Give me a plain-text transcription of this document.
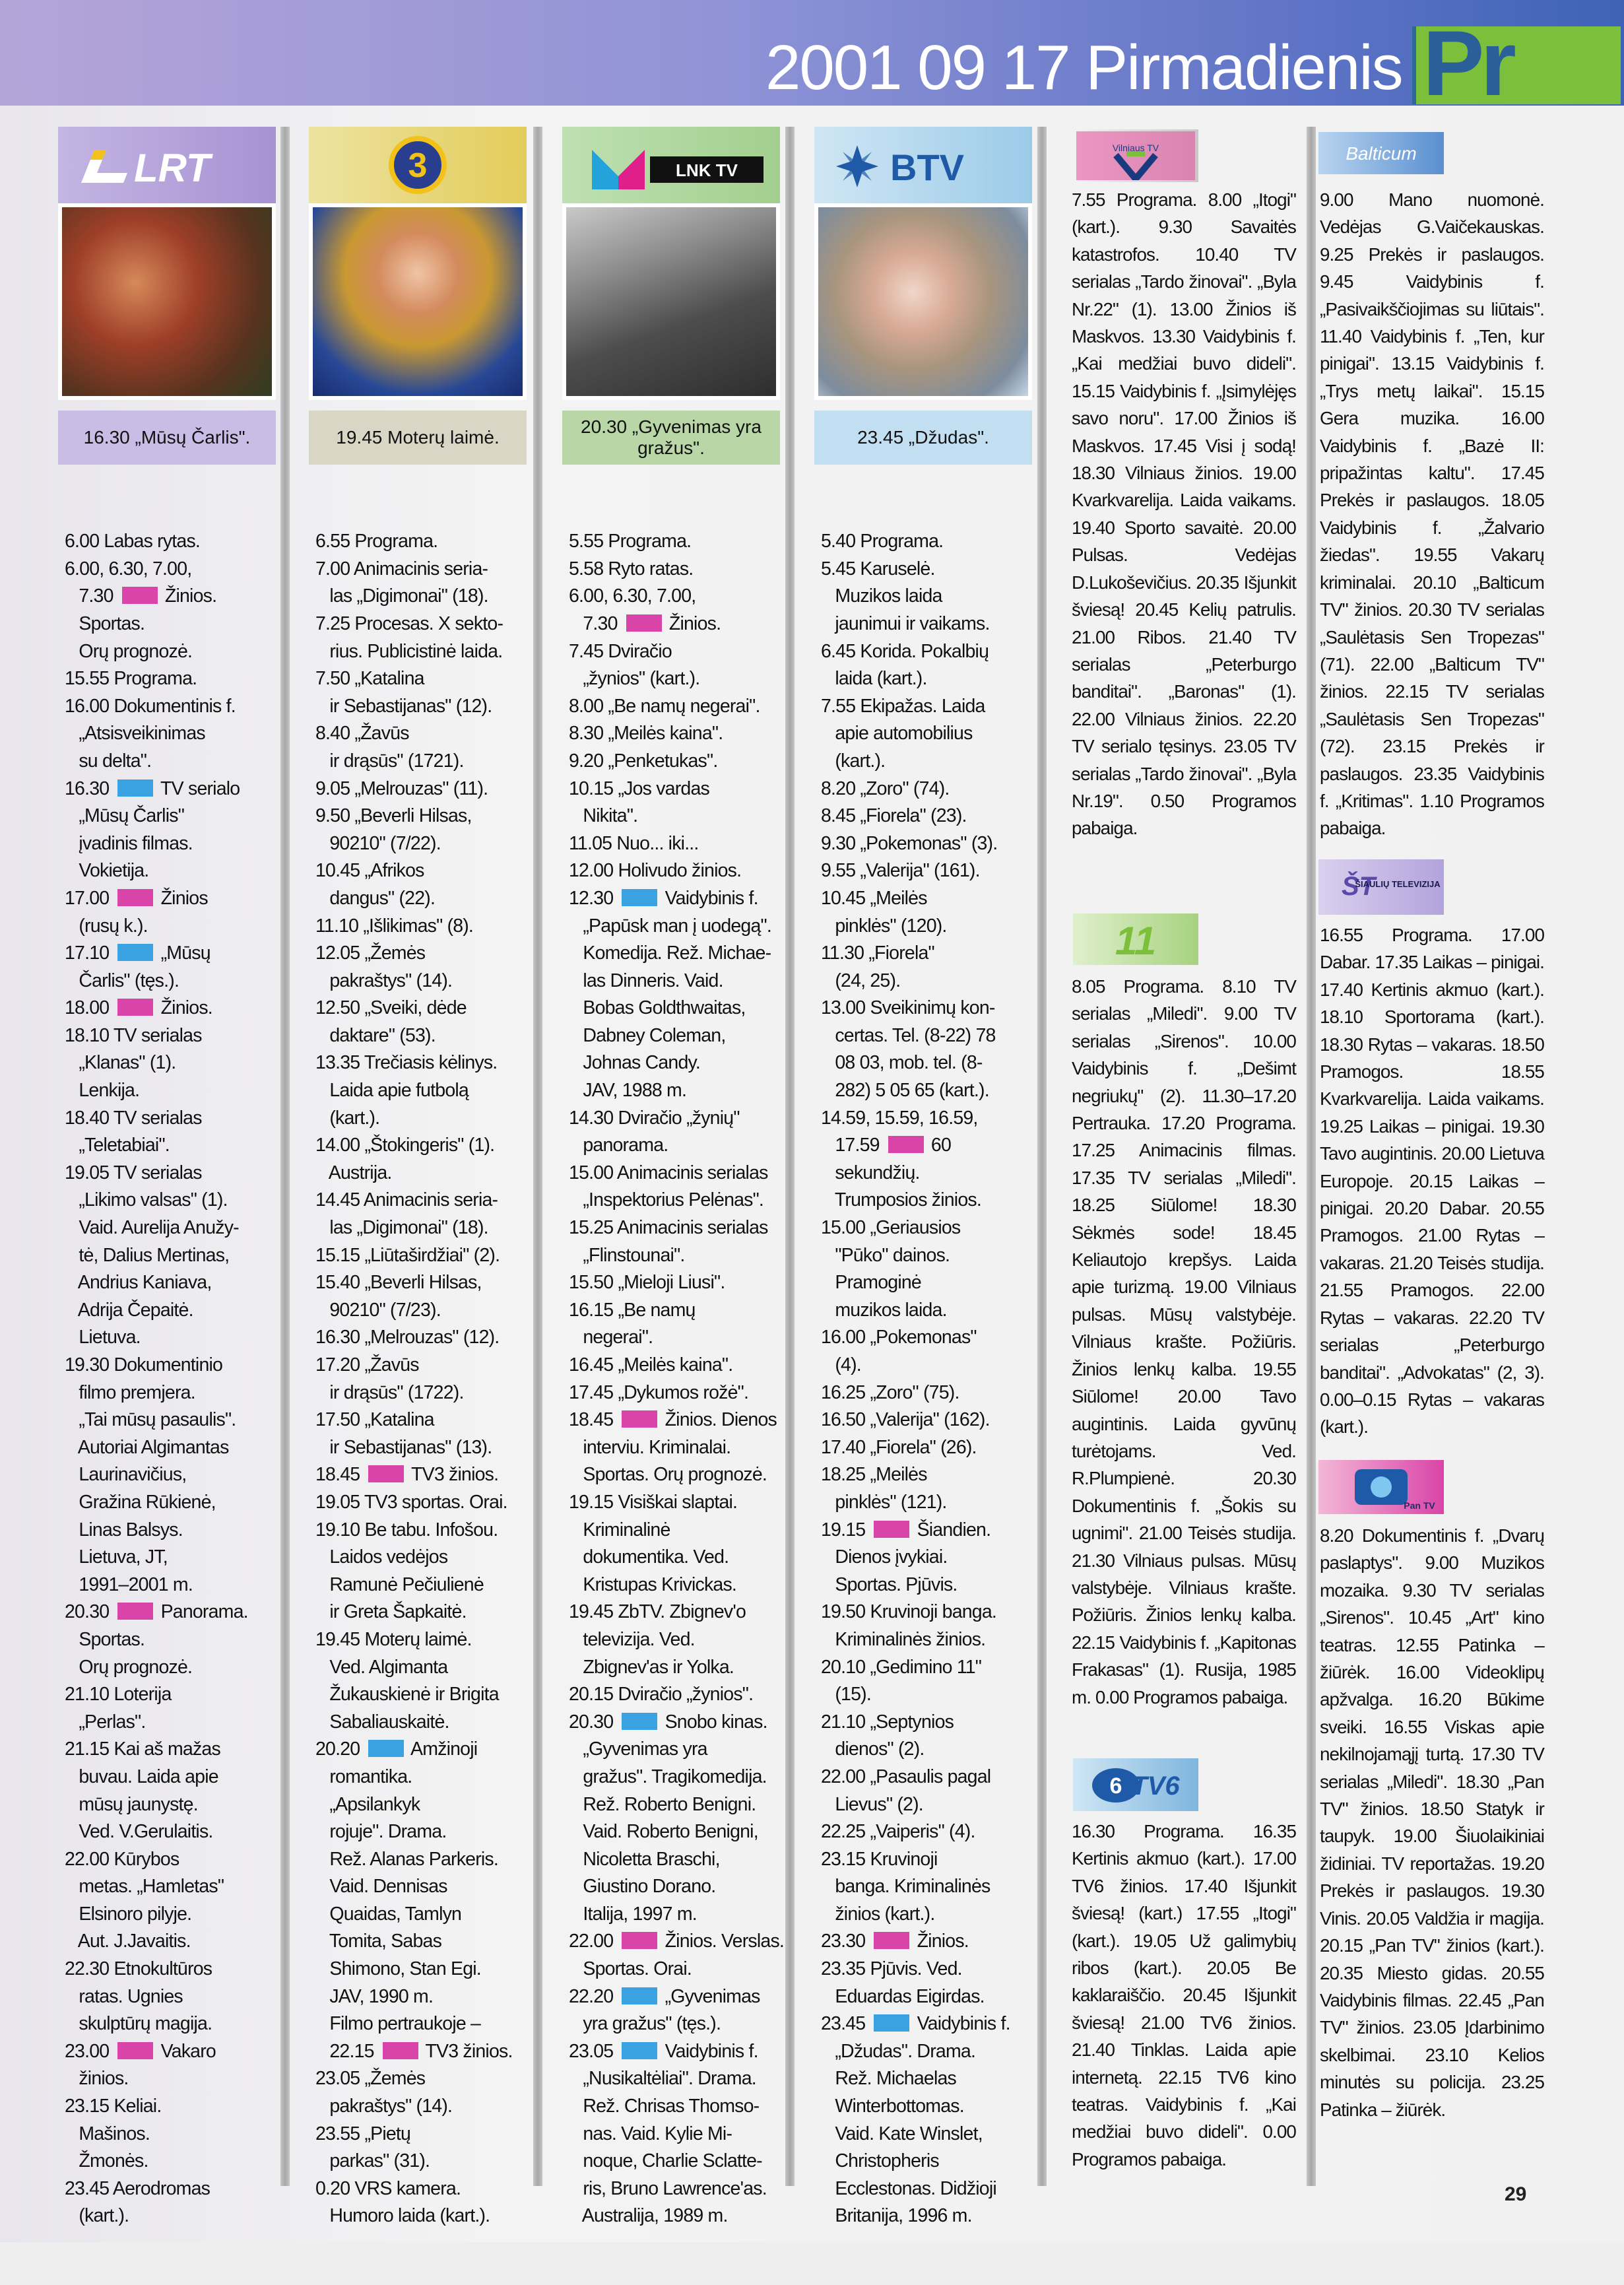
2001 09 17 Pirmadienis Pr
LRT
16.30 „Mūsų Čarlis".

6.00 Labas rytas.
6.00, 6.30, 7.00,
7.30  Žinios.
Sportas.
Orų prognozė.
15.55 Programa.
16.00 Dokumentinis f.
„Atsisveikinimas
su delta".
16.30  TV serialo
„Mūsų Čarlis"
įvadinis filmas.
Vokietija.
17.00  Žinios
(rusų k.).
17.10  „Mūsų
Čarlis" (tęs.).
18.00  Žinios.
18.10 TV serialas
„Klanas" (1).
Lenkija.
18.40 TV serialas
„Teletabiai".
19.05 TV serialas
„Likimo valsas" (1).
Vaid. Aurelija Anužy-
tė, Dalius Mertinas,
Andrius Kaniava,
Adrija Čepaitė.
Lietuva.
19.30 Dokumentinio
filmo premjera.
„Tai mūsų pasaulis".
Autoriai Algimantas
Laurinavičius,
Gražina Rūkienė,
Linas Balsys.
Lietuva, JT,
1991–2001 m.
20.30  Panorama.
Sportas.
Orų prognozė.
21.10 Loterija
„Perlas".
21.15 Kai aš mažas
buvau. Laida apie
mūsų jaunystę.
Ved. V.Gerulaitis.
22.00 Kūrybos
metas. „Hamletas"
Elsinoro pilyje.
Aut. J.Javaitis.
22.30 Etnokultūros
ratas. Ugnies
skulptūrų magija.
23.00  Vakaro
žinios.
23.15 Keliai.
Mašinos.
Žmonės.
23.45 Aerodromas
(kart.).

3
19.45 Moterų laimė.

6.55 Programa.
7.00 Animacinis seria-
las „Digimonai" (18).
7.25 Procesas. X sekto-
rius. Publicistinė laida.
7.50 „Katalina
ir Sebastijanas" (12).
8.40 „Žavūs
ir drąsūs" (1721).
9.05 „Melrouzas" (11).
9.50 „Beverli Hilsas,
90210" (7/22).
10.45 „Afrikos
dangus" (22).
11.10 „Išlikimas" (8).
12.05 „Žemės
pakraštys" (14).
12.50 „Sveiki, dėde
daktare" (53).
13.35 Trečiasis kėlinys.
Laida apie futbolą
(kart.).
14.00 „Štokingeris" (1).
Austrija.
14.45 Animacinis seria-
las „Digimonai" (18).
15.15 „Liūtaširdžiai" (2).
15.40 „Beverli Hilsas,
90210" (7/23).
16.30 „Melrouzas" (12).
17.20 „Žavūs
ir drąsūs" (1722).
17.50 „Katalina
ir Sebastijanas" (13).
18.45  TV3 žinios.
19.05 TV3 sportas. Orai.
19.10 Be tabu. Infošou.
Laidos vedėjos
Ramunė Pečiulienė
ir Greta Šapkaitė.
19.45 Moterų laimė.
Ved. Algimanta
Žukauskienė ir Brigita
Sabaliauskaitė.
20.20  Amžinoji
romantika.
„Apsilankyk
rojuje". Drama.
Rež. Alanas Parkeris.
Vaid. Dennisas
Quaidas, Tamlyn
Tomita, Sabas
Shimono, Stan Egi.
JAV, 1990 m.
Filmo pertraukoje –
22.15  TV3 žinios.
23.05 „Žemės
pakraštys" (14).
23.55 „Pietų
parkas" (31).
0.20 VRS kamera.
Humoro laida (kart.).

LNK TV
20.30 „Gyvenimas yra gražus".

5.55 Programa.
5.58 Ryto ratas.
6.00, 6.30, 7.00,
7.30  Žinios.
7.45 Dviračio
„žynios" (kart.).
8.00 „Be namų negerai".
8.30 „Meilės kaina".
9.20 „Penketukas".
10.15 „Jos vardas
Nikita".
11.05 Nuo... iki...
12.00 Holivudo žinios.
12.30  Vaidybinis f.
„Papūsk man į uodegą".
Komedija. Rež. Michae-
las Dinneris. Vaid.
Bobas Goldthwaitas,
Dabney Coleman,
Johnas Candy.
JAV, 1988 m.
14.30 Dviračio „žynių"
panorama.
15.00 Animacinis serialas
„Inspektorius Pelėnas".
15.25 Animacinis serialas
„Flinstounai".
15.50 „Mieloji Liusi".
16.15 „Be namų
negerai".
16.45 „Meilės kaina".
17.45 „Dykumos rožė".
18.45  Žinios. Dienos
interviu. Kriminalai.
Sportas. Orų prognozė.
19.15 Visiškai slaptai.
Kriminalinė
dokumentika. Ved.
Kristupas Krivickas.
19.45 ZbTV. Zbignev'o
televizija. Ved.
Zbignev'as ir Yolka.
20.15 Dviračio „žynios".
20.30  Snobo kinas.
„Gyvenimas yra
gražus". Tragikomedija.
Rež. Roberto Benigni.
Vaid. Roberto Benigni,
Nicoletta Braschi,
Giustino Dorano.
Italija, 1997 m.
22.00  Žinios. Verslas.
Sportas. Orai.
22.20  „Gyvenimas
yra gražus" (tęs.).
23.05  Vaidybinis f.
„Nusikaltėliai". Drama.
Rež. Chrisas Thomso-
nas. Vaid. Kylie Mi-
noque, Charlie Sclatte-
ris, Bruno Lawrence'as.
Australija, 1989 m.

BTV
23.45 „Džudas".

5.40 Programa.
5.45 Karuselė.
Muzikos laida
jaunimui ir vaikams.
6.45 Korida. Pokalbių
laida (kart.).
7.55 Ekipažas. Laida
apie automobilius
(kart.).
8.20 „Zoro" (74).
8.45 „Fiorela" (23).
9.30 „Pokemonas" (3).
9.55 „Valerija" (161).
10.45 „Meilės
pinklės" (120).
11.30 „Fiorela"
(24, 25).
13.00 Sveikinimų kon-
certas. Tel. (8-22) 78
08 03, mob. tel. (8-
282) 5 05 65 (kart.).
14.59, 15.59, 16.59,
17.59  60
sekundžių.
Trumposios žinios.
15.00 „Geriausios
"Pūko" dainos.
Pramoginė
muzikos laida.
16.00 „Pokemonas"
(4).
16.25 „Zoro" (75).
16.50 „Valerija" (162).
17.40 „Fiorela" (26).
18.25 „Meilės
pinklės" (121).
19.15  Šiandien.
Dienos įvykiai.
Sportas. Pjūvis.
19.50 Kruvinoji banga.
Kriminalinės žinios.
20.10 „Gedimino 11"
(15).
21.10 „Septynios
dienos" (2).
22.00 „Pasaulis pagal
Lievus" (2).
22.25 „Vaiperis" (4).
23.15 Kruvinoji
banga. Kriminalinės
žinios (kart.).
23.30  Žinios.
23.35 Pjūvis. Ved.
Eduardas Eigirdas.
23.45  Vaidybinis f.
„Džudas". Drama.
Rež. Michaelas
Winterbottomas.
Vaid. Kate Winslet,
Christopheris
Ecclestonas. Didžioji
Britanija, 1996 m.

Vilniaus TV
7.55 Programa. 8.00 „Itogi" (kart.). 9.30 Savaitės katastrofos. 10.40 TV serialas „Tardo žinovai". „Byla Nr.22" (1). 13.00 Žinios iš Maskvos. 13.30 Vaidybinis f. „Kai medžiai buvo dideli". 15.15 Vaidybinis f. „Įsimylėjęs savo noru". 17.00 Žinios iš Maskvos. 17.45 Visi į sodą! 18.30 Vilniaus žinios. 19.00 Kvarkvarelija. Laida vaikams. 19.40 Sporto savaitė. 20.00 Pulsas. Vedėjas D.Lukoševičius. 20.35 Išjunkit šviesą! 20.45 Kelių patrulis. 21.00 Ribos. 21.40 TV serialas „Peterburgo banditai". „Baronas" (1). 22.00 Vilniaus žinios. 22.20 TV serialo tęsinys. 23.05 TV serialas „Tardo žinovai". „Byla Nr.19". 0.50 Programos pabaiga.
11
8.05 Programa. 8.10 TV serialas „Miledi". 9.00 TV serialas „Sirenos". 10.00 Vaidybinis f. „Dešimt negriukų" (2). 11.30–17.20 Pertrauka. 17.20 Programa. 17.25 Animacinis filmas. 17.35 TV serialas „Miledi". 18.25 Siūlome! 18.30 Sėkmės sode! 18.45 Keliautojo krepšys. Laida apie turizmą. 19.00 Vilniaus pulsas. Mūsų valstybėje. Vilniaus krašte. Požiūris. Žinios lenkų kalba. 19.55 Siūlome! 20.00 Tavo augintinis. Laida gyvūnų turėtojams. Ved. R.Plumpienė. 20.30 Dokumentinis f. „Šokis su ugnimi". 21.00 Teisės studija. 21.30 Vilniaus pulsas. Mūsų valstybėje. Vilniaus krašte. Požiūris. Žinios lenkų kalba. 22.15 Vaidybinis f. „Kapitonas Frakasas" (1). Rusija, 1985 m. 0.00 Programos pabaiga.
6 TV6
16.30 Programa. 16.35 Kertinis akmuo (kart.). 17.00 TV6 žinios. 17.40 Išjunkit šviesą! (kart.) 17.55 „Itogi" (kart.). 19.05 Už galimybių ribos (kart.). 20.05 Be kaklaraiščio. 20.45 Išjunkit šviesą! 21.00 TV6 žinios. 21.40 Tinklas. Laida apie internetą. 22.15 TV6 kino teatras. Vaidybinis f. „Kai medžiai buvo dideli". 0.00 Programos pabaiga.
Balticum
9.00 Mano nuomonė. Vedėjas G.Vaičekauskas. 9.25 Prekės ir paslaugos. 9.45 Vaidybinis f. „Pasivaikščiojimas su liūtais". 11.40 Vaidybinis f. „Ten, kur pinigai". 13.15 Vaidybinis f. „Trys metų laikai". 15.15 Gera muzika. 16.00 Vaidybinis f. „Bazė II: pripažintas kaltu". 17.45 Prekės ir paslaugos. 18.05 Vaidybinis f. „Žalvario žiedas". 19.55 Vakarų kriminalai. 20.10 „Balticum TV" žinios. 20.30 TV serialas „Saulėtasis Sen Tropezas" (71). 22.00 „Balticum TV" žinios. 22.15 TV serialas „Saulėtasis Sen Tropezas" (72). 23.15 Prekės ir paslaugos. 23.35 Vaidybinis f. „Kritimas". 1.10 Programos pabaiga.
ŠT
ŠIAULIŲ TELEVIZIJA
16.55 Programa. 17.00 Dabar. 17.35 Laikas – pinigai. 17.40 Kertinis akmuo (kart.). 18.10 Sportorama (kart.). 18.30 Rytas – vakaras. 18.50 Pramogos. 18.55 Kvarkvarelija. Laida vaikams. 19.25 Laikas – pinigai. 19.30 Tavo augintinis. 20.00 Lietuva Europoje. 20.15 Laikas – pinigai. 20.20 Dabar. 20.55 Pramogos. 21.00 Rytas – vakaras. 21.20 Teisės studija. 21.55 Pramogos. 22.00 Rytas – vakaras. 22.20 TV serialas „Peterburgo banditai". „Advokatas" (2, 3). 0.00–0.15 Rytas – vakaras (kart.).
Pan TV
8.20 Dokumentinis f. „Dvarų paslaptys". 9.00 Muzikos mozaika. 9.30 TV serialas „Sirenos". 10.45 „Art" kino teatras. 12.55 Patinka – žiūrėk. 16.00 Videoklipų apžvalga. 16.20 Būkime sveiki. 16.55 Viskas apie nekilnojamąjį turtą. 17.30 TV serialas „Miledi". 18.30 „Pan TV" žinios. 18.50 Statyk ir taupyk. 19.00 Šiuolaikiniai židiniai. TV reportažas. 19.20 Prekės ir paslaugos. 19.30 Vinis. 20.05 Valdžia ir magija. 20.15 „Pan TV" žinios (kart.). 20.35 Miesto gidas. 20.55 Vaidybinis filmas. 22.45 „Pan TV" žinios. 23.05 Įdarbinimo skelbimai. 23.10 Kelios minutės su policija. 23.25 Patinka – žiūrėk.
29
